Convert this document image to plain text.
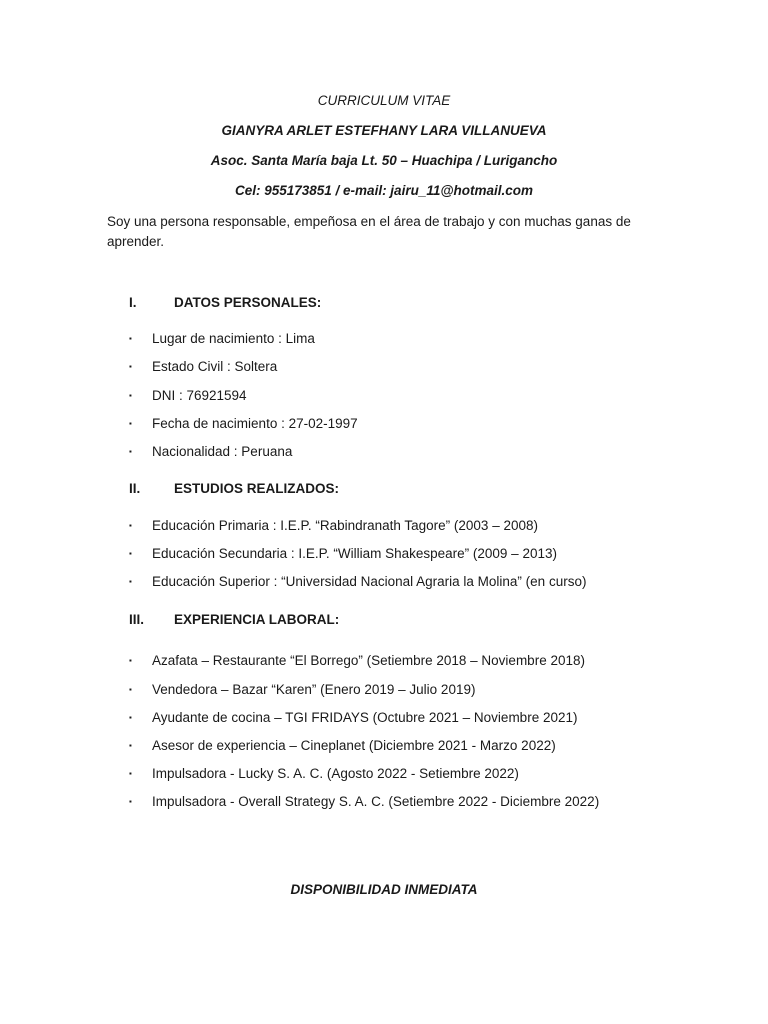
CURRICULUM VITAE
GIANYRA ARLET ESTEFHANY LARA VILLANUEVA
Asoc. Santa María baja Lt. 50 – Huachipa / Lurigancho
Cel: 955173851 / e-mail: jairu_11@hotmail.com
Soy una persona responsable, empeñosa en el área de trabajo y con muchas ganas de aprender.
I.	DATOS PERSONALES:
▪ Lugar de nacimiento : Lima
▪ Estado Civil : Soltera
▪ DNI : 76921594
▪ Fecha de nacimiento : 27-02-1997
▪ Nacionalidad : Peruana
II. ESTUDIOS REALIZADOS:
▪ Educación Primaria : I.E.P. “Rabindranath Tagore” (2003 – 2008)
▪ Educación Secundaria : I.E.P. “William Shakespeare” (2009 – 2013)
▪ Educación Superior : “Universidad Nacional Agraria la Molina” (en curso)
III. EXPERIENCIA LABORAL:
▪ Azafata – Restaurante “El Borrego” (Setiembre 2018 – Noviembre 2018)
▪ Vendedora – Bazar “Karen” (Enero 2019 – Julio 2019)
▪ Ayudante de cocina – TGI FRIDAYS (Octubre 2021 – Noviembre 2021)
▪ Asesor de experiencia – Cineplanet (Diciembre 2021 - Marzo 2022)
▪ Impulsadora - Lucky S. A. C. (Agosto 2022 - Setiembre 2022)
▪ Impulsadora - Overall Strategy S. A. C. (Setiembre 2022 - Diciembre 2022)
DISPONIBILIDAD INMEDIATA
